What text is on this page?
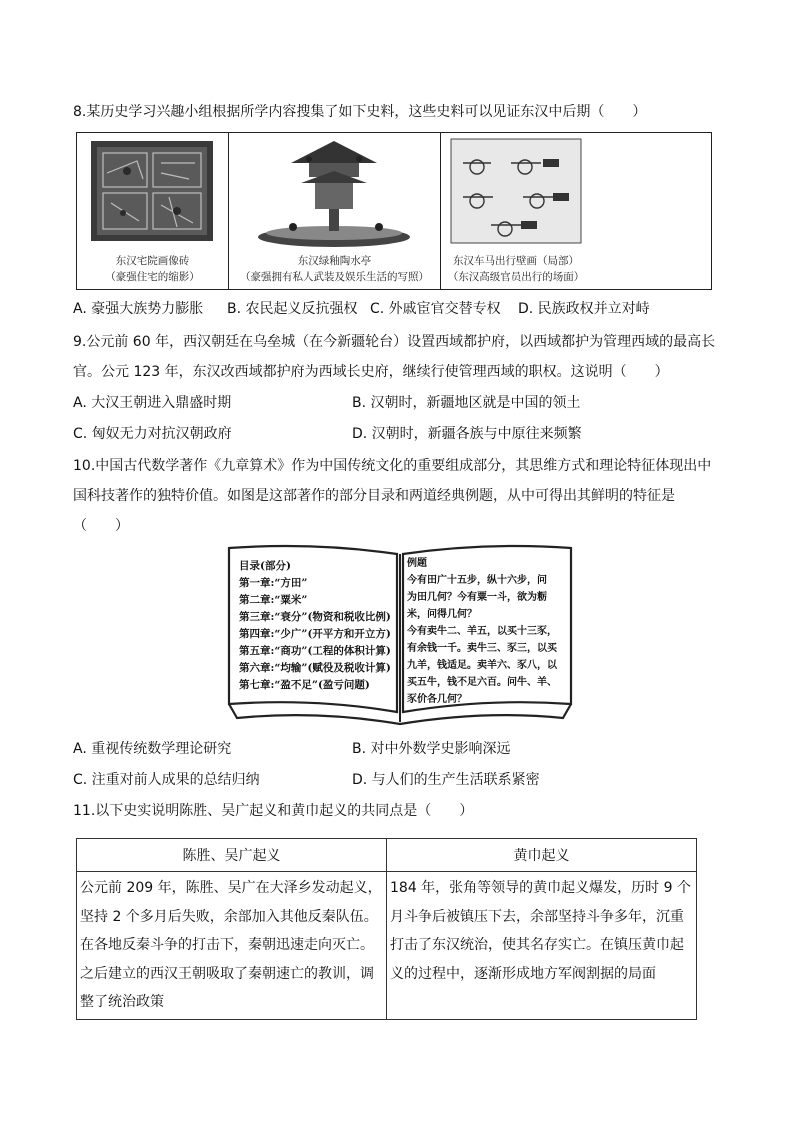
8.某历史学习兴趣小组根据所学内容搜集了如下史料，这些史料可以见证东汉中后期（　　）

东汉宅院画像砖
（豪强住宅的缩影）
东汉绿釉陶水亭
（豪强拥有私人武装及娱乐生活的写照）
东汉车马出行壁画（局部）
（东汉高级官员出行的场面）
A. 豪强大族势力膨胀 B. 农民起义反抗强权 C. 外戚宦官交替专权 D. 民族政权并立对峙

9.公元前 60 年，西汉朝廷在乌垒城（在今新疆轮台）设置西域都护府，以西域都护为管理西域的最高长官。公元 123 年，东汉改西域都护府为西域长史府，继续行使管理西域的职权。这说明（　　）

A. 大汉王朝进入鼎盛时期	B. 汉朝时，新疆地区就是中国的领土
C. 匈奴无力对抗汉朝政府	D. 汉朝时，新疆各族与中原往来频繁

10.中国古代数学著作《九章算术》作为中国传统文化的重要组成部分，其思维方式和理论特征体现出中国科技著作的独特价值。如图是这部著作的部分目录和两道经典例题，从中可得出其鲜明的特征是（　　）

目录(部分)
第一章:“方田”
第二章:“粟米”
第三章:“衰分”(物资和税收比例)
第四章:“少广”(开平方和开立方)
第五章:“商功”(工程的体积计算)
第六章:“均输”(赋役及税收计算)
第七章:“盈不足”(盈亏问题)
例题
今有田广十五步，纵十六步，问
为田几何？今有粟一斗，欲为粝
米，问得几何？
今有卖牛二、羊五，以买十三豕，
有余钱一千。卖牛三、豕三，以买
九羊，钱适足。卖羊六、豕八，以
买五牛，钱不足六百。问牛、羊、
豕价各几何？
A. 重视传统数学理论研究	B. 对中外数学史影响深远
C. 注重对前人成果的总结归纳	D. 与人们的生产生活联系紧密

11.以下史实说明陈胜、吴广起义和黄巾起义的共同点是（　　）

陈胜、吴广起义	黄巾起义
公元前 209 年，陈胜、吴广在大泽乡发动起义，坚持 2 个多月后失败，余部加入其他反秦队伍。在各地反秦斗争的打击下，秦朝迅速走向灭亡。之后建立的西汉王朝吸取了秦朝速亡的教训，调整了统治政策	184 年，张角等领导的黄巾起义爆发，历时 9 个月斗争后被镇压下去，余部坚持斗争多年，沉重打击了东汉统治，使其名存实亡。在镇压黄巾起义的过程中，逐渐形成地方军阀割据的局面
